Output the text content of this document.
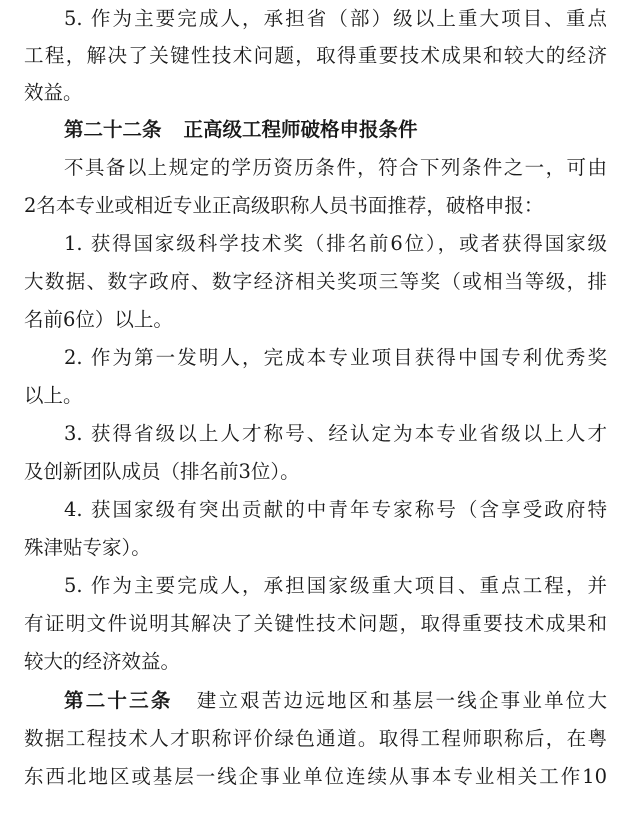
5. 作为主要完成人，承担省（部）级以上重大项目、重点
工程，解决了关键性技术问题，取得重要技术成果和较大的经济
效益。
第二十二条 正高级工程师破格申报条件
不具备以上规定的学历资历条件，符合下列条件之一，可由
2名本专业或相近专业正高级职称人员书面推荐，破格申报：
1. 获得国家级科学技术奖（排名前6位），或者获得国家级
大数据、数字政府、数字经济相关奖项三等奖（或相当等级，排
名前6位）以上。
2. 作为第一发明人，完成本专业项目获得中国专利优秀奖
以上。
3. 获得省级以上人才称号、经认定为本专业省级以上人才
及创新团队成员（排名前3位）。
4. 获国家级有突出贡献的中青年专家称号（含享受政府特
殊津贴专家）。
5. 作为主要完成人，承担国家级重大项目、重点工程，并
有证明文件说明其解决了关键性技术问题，取得重要技术成果和
较大的经济效益。
第二十三条 建立艰苦边远地区和基层一线企事业单位大
数据工程技术人才职称评价绿色通道。取得工程师职称后，在粤
东西北地区或基层一线企事业单位连续从事本专业相关工作10
